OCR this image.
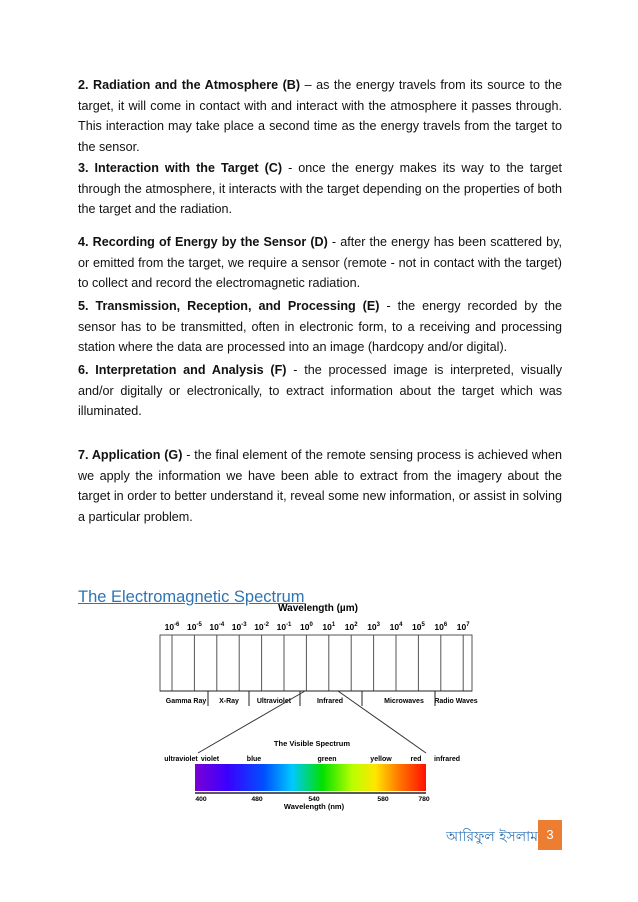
2. Radiation and the Atmosphere (B) – as the energy travels from its source to the target, it will come in contact with and interact with the atmosphere it passes through. This interaction may take place a second time as the energy travels from the target to the sensor.
3. Interaction with the Target (C) - once the energy makes its way to the target through the atmosphere, it interacts with the target depending on the properties of both the target and the radiation.
4. Recording of Energy by the Sensor (D) - after the energy has been scattered by, or emitted from the target, we require a sensor (remote - not in contact with the target) to collect and record the electromagnetic radiation.
5. Transmission, Reception, and Processing (E) - the energy recorded by the sensor has to be transmitted, often in electronic form, to a receiving and processing station where the data are processed into an image (hardcopy and/or digital).
6. Interpretation and Analysis (F) - the processed image is interpreted, visually and/or digitally or electronically, to extract information about the target which was illuminated.
7. Application (G) - the final element of the remote sensing process is achieved when we apply the information we have been able to extract from the imagery about the target in order to better understand it, reveal some new information, or assist in solving a particular problem.
The Electromagnetic Spectrum
Wavelength (µm)
$10^{-6}$ $10^{-5}$ $10^{-4}$ $10^{-3}$ $10^{-2}$ $10^{-1}$ $10^0$ $10^1$ $10^2$ $10^3$ $10^4$ $10^5$ $10^6$ $10^7$
Gamma Ray X-Ray	Ultraviolet	Infrared	Microwaves Radio Waves
The Visible Spectrum
ultraviolet violet	blue	green	yellow	red infrared
400	480	540	580	780
Wavelength (nm)
আরিফুল ইসলাম 3
